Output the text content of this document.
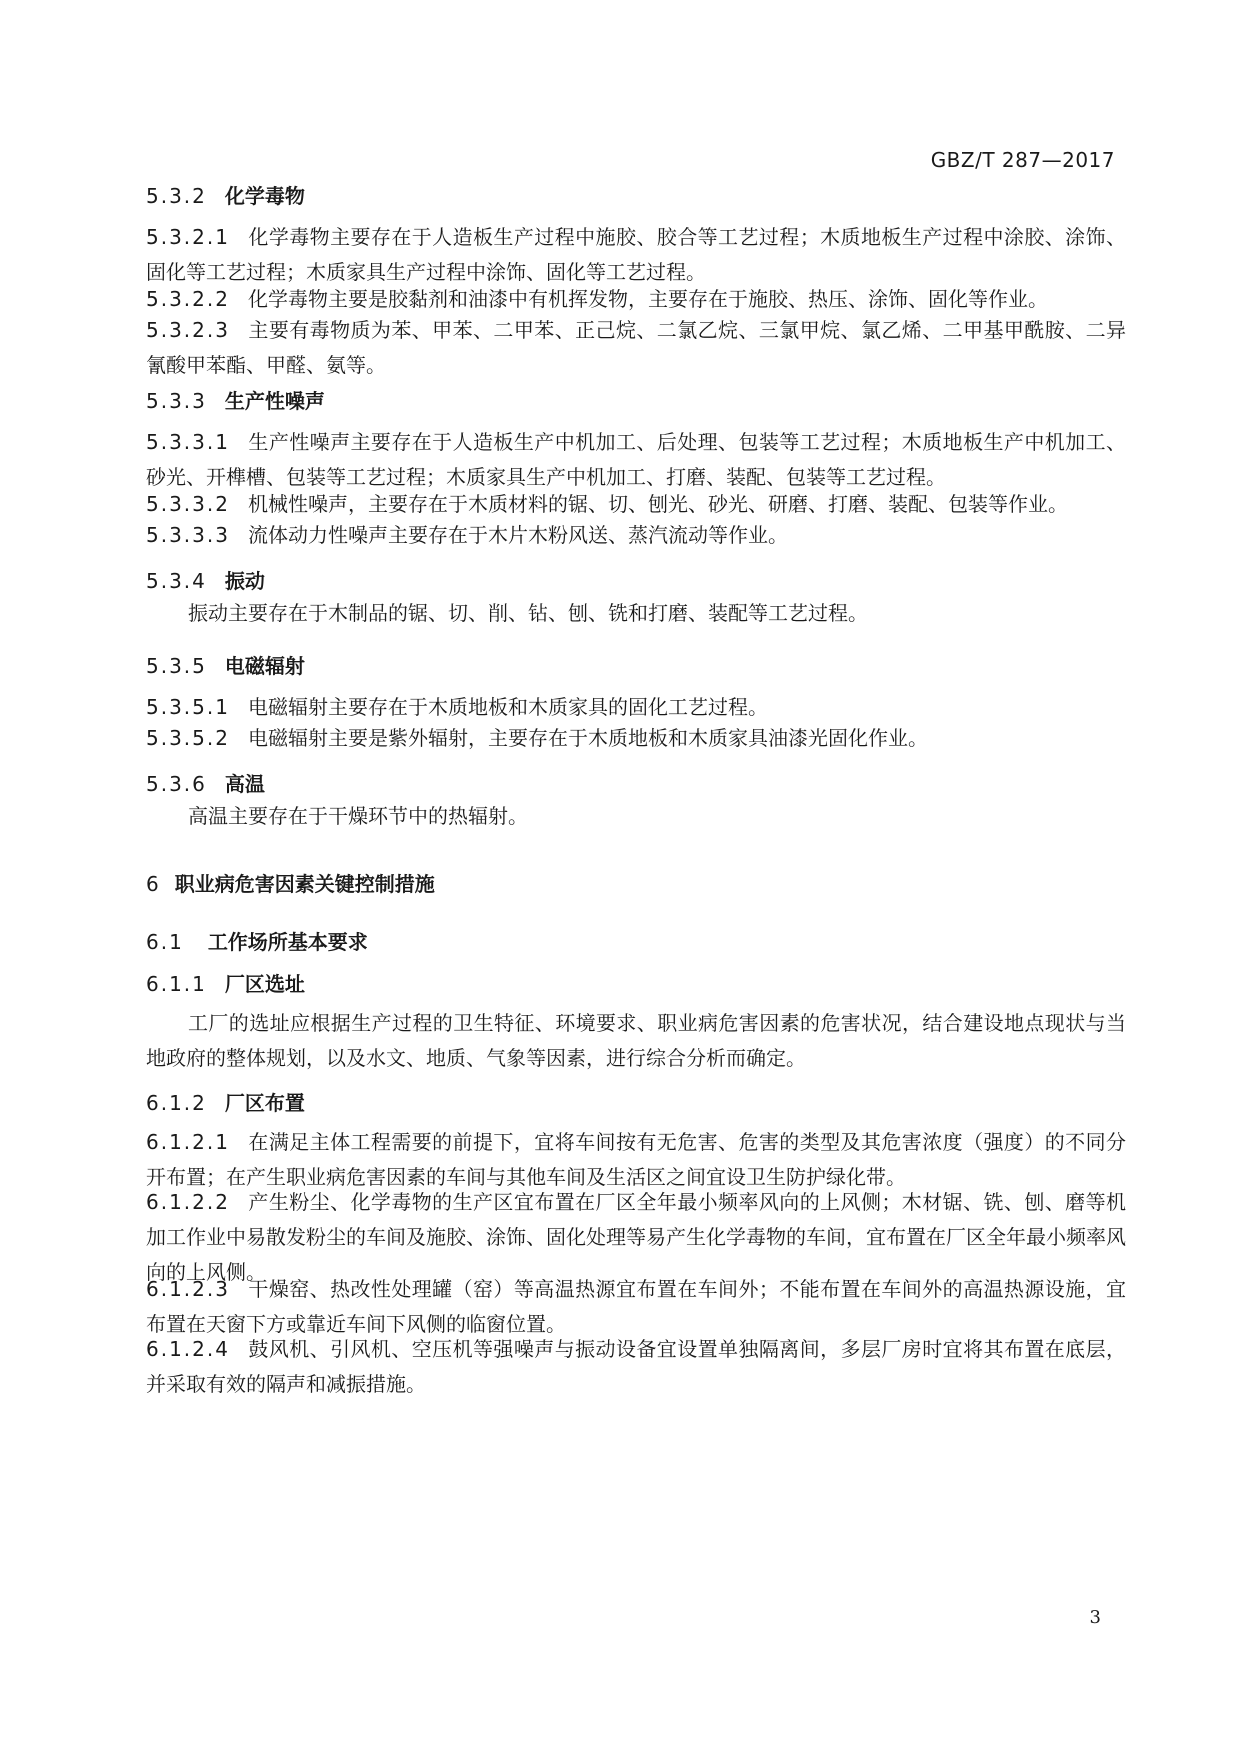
GBZ/T 287—2017
5.3.2 化学毒物
5.3.2.1 化学毒物主要存在于人造板生产过程中施胶、胶合等工艺过程；木质地板生产过程中涂胶、涂饰、固化等工艺过程；木质家具生产过程中涂饰、固化等工艺过程。
5.3.2.2 化学毒物主要是胶黏剂和油漆中有机挥发物，主要存在于施胶、热压、涂饰、固化等作业。
5.3.2.3 主要有毒物质为苯、甲苯、二甲苯、正己烷、二氯乙烷、三氯甲烷、氯乙烯、二甲基甲酰胺、二异氰酸甲苯酯、甲醛、氨等。
5.3.3 生产性噪声
5.3.3.1 生产性噪声主要存在于人造板生产中机加工、后处理、包装等工艺过程；木质地板生产中机加工、砂光、开榫槽、包装等工艺过程；木质家具生产中机加工、打磨、装配、包装等工艺过程。
5.3.3.2 机械性噪声，主要存在于木质材料的锯、切、刨光、砂光、研磨、打磨、装配、包装等作业。
5.3.3.3 流体动力性噪声主要存在于木片木粉风送、蒸汽流动等作业。
5.3.4 振动
振动主要存在于木制品的锯、切、削、钻、刨、铣和打磨、装配等工艺过程。
5.3.5 电磁辐射
5.3.5.1 电磁辐射主要存在于木质地板和木质家具的固化工艺过程。
5.3.5.2 电磁辐射主要是紫外辐射，主要存在于木质地板和木质家具油漆光固化作业。
5.3.6 高温
高温主要存在于干燥环节中的热辐射。
6 职业病危害因素关键控制措施
6.1 工作场所基本要求
6.1.1 厂区选址
工厂的选址应根据生产过程的卫生特征、环境要求、职业病危害因素的危害状况，结合建设地点现状与当地政府的整体规划，以及水文、地质、气象等因素，进行综合分析而确定。
6.1.2 厂区布置
6.1.2.1 在满足主体工程需要的前提下，宜将车间按有无危害、危害的类型及其危害浓度（强度）的不同分开布置；在产生职业病危害因素的车间与其他车间及生活区之间宜设卫生防护绿化带。
6.1.2.2 产生粉尘、化学毒物的生产区宜布置在厂区全年最小频率风向的上风侧；木材锯、铣、刨、磨等机加工作业中易散发粉尘的车间及施胶、涂饰、固化处理等易产生化学毒物的车间，宜布置在厂区全年最小频率风向的上风侧。
6.1.2.3 干燥窑、热改性处理罐（窑）等高温热源宜布置在车间外；不能布置在车间外的高温热源设施，宜布置在天窗下方或靠近车间下风侧的临窗位置。
6.1.2.4 鼓风机、引风机、空压机等强噪声与振动设备宜设置单独隔离间，多层厂房时宜将其布置在底层，并采取有效的隔声和减振措施。
3
